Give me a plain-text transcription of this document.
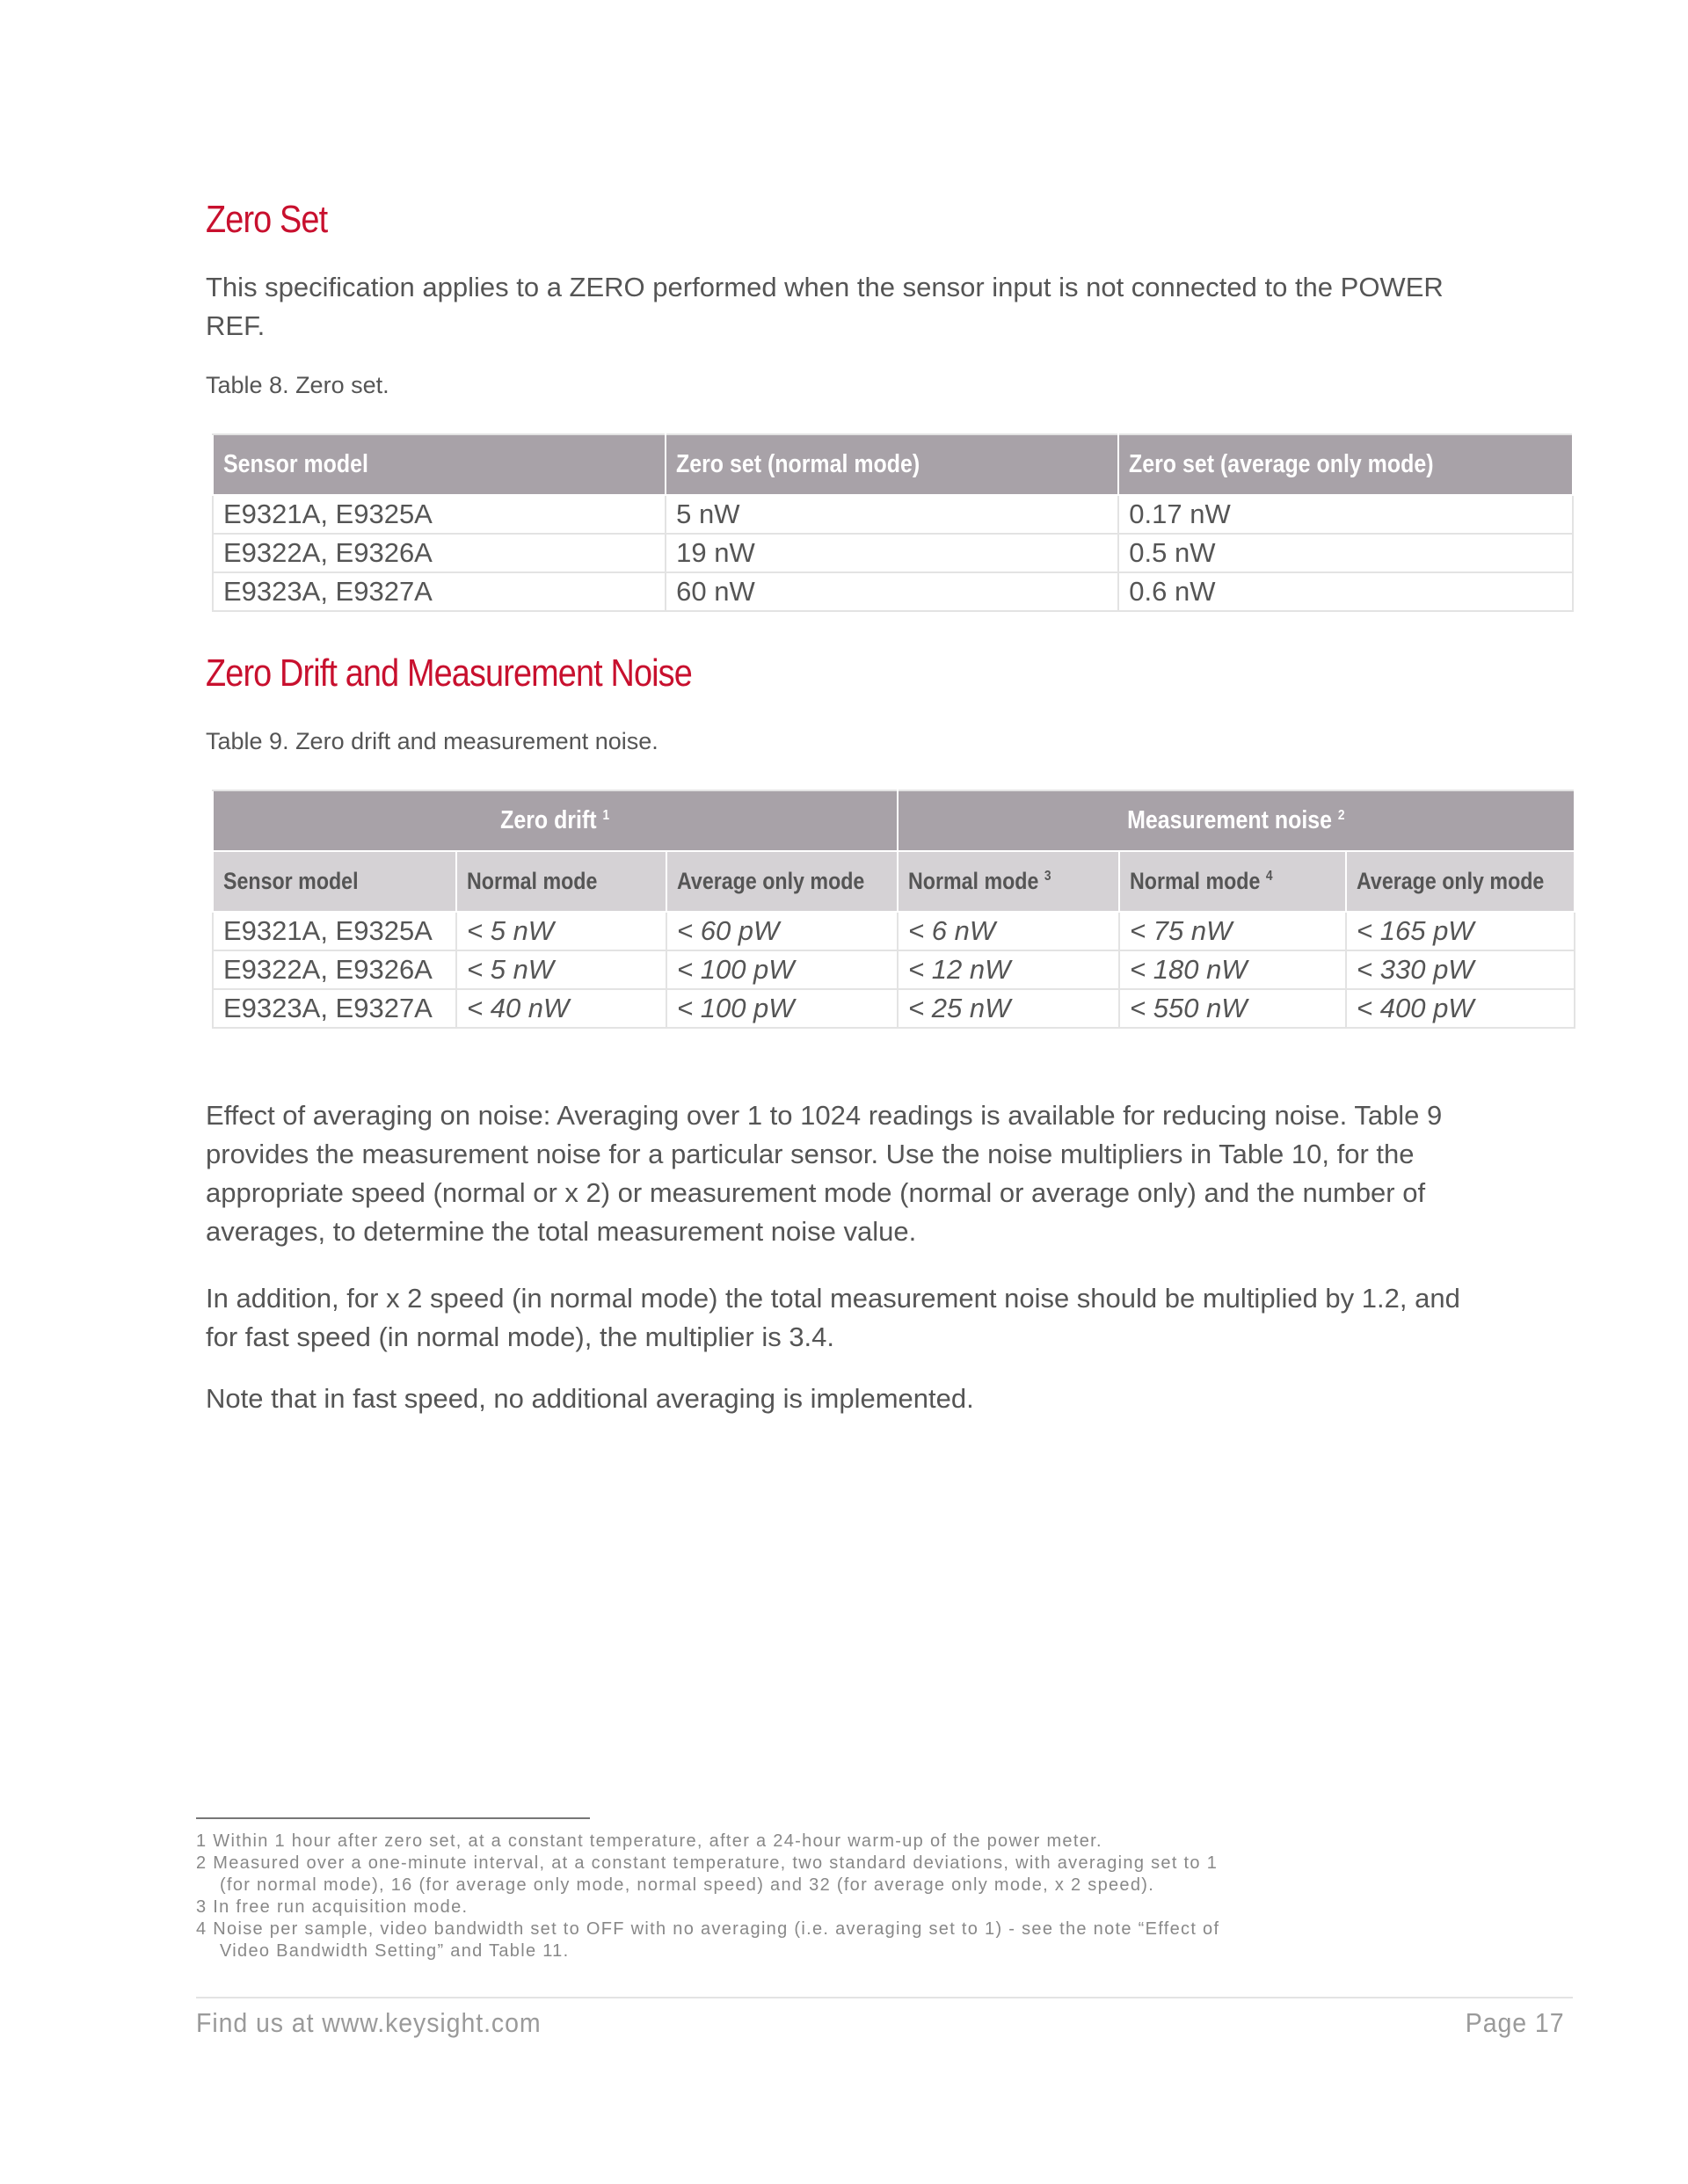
Zero Set

This specification applies to a ZERO performed when the sensor input is not connected to the POWER REF.

Table 8. Zero set.

Sensor model	Zero set (normal mode)	Zero set (average only mode)
E9321A, E9325A	5 nW	0.17 nW
E9322A, E9326A	19 nW	0.5 nW
E9323A, E9327A	60 nW	0.6 nW
Zero Drift and Measurement Noise

Table 9. Zero drift and measurement noise.

Zero drift $^1$			Measurement noise $^2$
Sensor model	Normal mode	Average only mode	Normal mode $^3$	Normal mode $^4$	Average only mode
E9321A, E9325A	< 5 nW	< 60 pW	< 6 nW	< 75 nW	< 165 pW
E9322A, E9326A	< 5 nW	< 100 pW	< 12 nW	< 180 nW	< 330 pW
E9323A, E9327A	< 40 nW	< 100 pW	< 25 nW	< 550 nW	< 400 pW

Effect of averaging on noise: Averaging over 1 to 1024 readings is available for reducing noise. Table 9 provides the measurement noise for a particular sensor. Use the noise multipliers in Table 10, for the appropriate speed (normal or x 2) or measurement mode (normal or average only) and the number of averages, to determine the total measurement noise value.

In addition, for x 2 speed (in normal mode) the total measurement noise should be multiplied by 1.2, and for fast speed (in normal mode), the multiplier is 3.4.

Note that in fast speed, no additional averaging is implemented.

1 Within 1 hour after zero set, at a constant temperature, after a 24-hour warm-up of the power meter.

2 Measured over a one-minute interval, at a constant temperature, two standard deviations, with averaging set to 1
(for normal mode), 16 (for average only mode, normal speed) and 32 (for average only mode, x 2 speed).

3 In free run acquisition mode.

4 Noise per sample, video bandwidth set to OFF with no averaging (i.e. averaging set to 1) - see the note “Effect of
Video Bandwidth Setting” and Table 11.

Find us at www.keysight.com	Page 17
